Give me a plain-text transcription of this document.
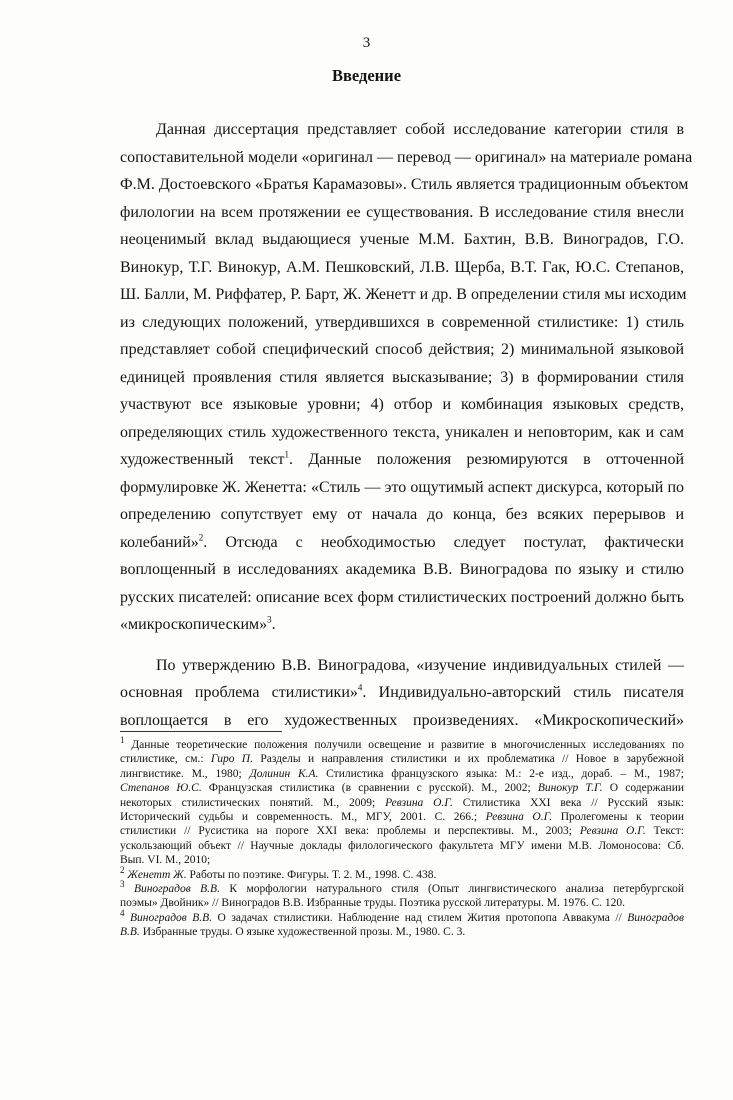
3
Введение
Данная диссертация представляет собой исследование категории стиля в
сопоставительной модели «оригинал — перевод — оригинал» на материале романа
Ф.М. Достоевского «Братья Карамазовы». Стиль является традиционным объектом
филологии на всем протяжении ее существования. В исследование стиля внесли
неоценимый вклад выдающиеся ученые М.М. Бахтин, В.В. Виноградов, Г.О.
Винокур, Т.Г. Винокур, А.М. Пешковский, Л.В. Щерба, В.Т. Гак, Ю.С. Степанов,
Ш. Балли, М. Риффатер, Р. Барт, Ж. Женетт и др. В определении стиля мы исходим
из следующих положений, утвердившихся в современной стилистике: 1) стиль
представляет собой специфический способ действия; 2) минимальной языковой
единицей проявления стиля является высказывание; 3) в формировании стиля
участвуют все языковые уровни; 4) отбор и комбинация языковых средств,
определяющих стиль художественного текста, уникален и неповторим, как и сам
художественный текст$^1$. Данные положения резюмируются в отточенной
формулировке Ж. Женетта: «Стиль — это ощутимый аспект дискурса, который по
определению сопутствует ему от начала до конца, без всяких перерывов и
колебаний»$^2$. Отсюда с необходимостью следует постулат, фактически
воплощенный в исследованиях академика В.В. Виноградова по языку и стилю
русских писателей: описание всех форм стилистических построений должно быть
«микроскопическим»$^3$.
По утверждению В.В. Виноградова, «изучение индивидуальных стилей —
основная проблема стилистики»$^4$. Индивидуально-авторский стиль писателя
воплощается в его художественных произведениях. «Микроскопический»
$^1$ Данные теоретические положения получили освещение и развитие в многочисленных исследованиях по
стилистике, см.: Гиро П. Разделы и направления стилистики и их проблематика // Новое в зарубежной
лингвистике. М., 1980; Долинин К.А. Стилистика французского языка: М.: 2-е изд., дораб. – М., 1987;
Степанов Ю.С. Французская стилистика (в сравнении с русской). М., 2002; Винокур Т.Г. О содержании
некоторых стилистических понятий. М., 2009; Ревзина О.Г. Стилистика XXI века // Русский язык:
Исторический судьбы и современность. М., МГУ, 2001. С. 266.; Ревзина О.Г. Пролегомены к теории
стилистики // Русистика на пороге XXI века: проблемы и перспективы. М., 2003; Ревзина О.Г. Текст:
ускользающий объект // Научные доклады филологического факультета МГУ имени М.В. Ломоносова: Сб.
Вып. VI. М., 2010;
$^2$ Женетт Ж. Работы по поэтике. Фигуры. Т. 2. М., 1998. С. 438.
$^3$ Виноградов В.В. К морфологии натурального стиля (Опыт лингвистического анализа петербургской
поэмы» Двойник» // Виноградов В.В. Избранные труды. Поэтика русской литературы. М. 1976. С. 120.
$^4$ Виноградов В.В. О задачах стилистики. Наблюдение над стилем Жития протопопа Аввакума // Виноградов
В.В. Избранные труды. О языке художественной прозы. М., 1980. С. 3.
